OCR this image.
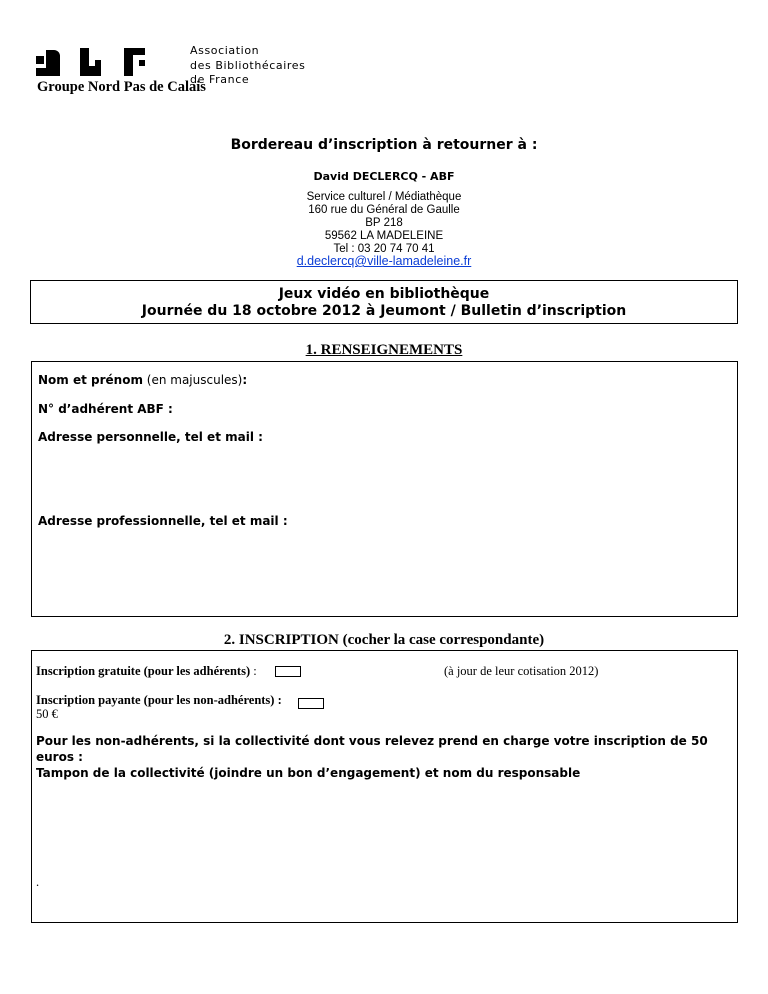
Association
des Bibliothécaires
de France
Groupe Nord Pas de Calais
Bordereau d’inscription à retourner à :
David DECLERCQ - ABF
Service culturel / Médiathèque
160 rue du Général de Gaulle
BP 218
59562 LA MADELEINE
Tel : 03 20 74 70 41
d.declercq@ville-lamadeleine.fr
Jeux vidéo en bibliothèque
Journée du 18 octobre 2012 à Jeumont / Bulletin d’inscription
1. RENSEIGNEMENTS
Nom et prénom (en majuscules):
N° d’adhérent ABF :
Adresse personnelle, tel et mail :
Adresse professionnelle, tel et mail :
2. INSCRIPTION (cocher la case correspondante)
Inscription gratuite (pour les adhérents) :	(à jour de leur cotisation 2012)
Inscription payante (pour les non-adhérents) :
50 €
Pour les non-adhérents, si la collectivité dont vous relevez prend en charge votre inscription de 50 euros :
Tampon de la collectivité (joindre un bon d’engagement) et nom du responsable
.
